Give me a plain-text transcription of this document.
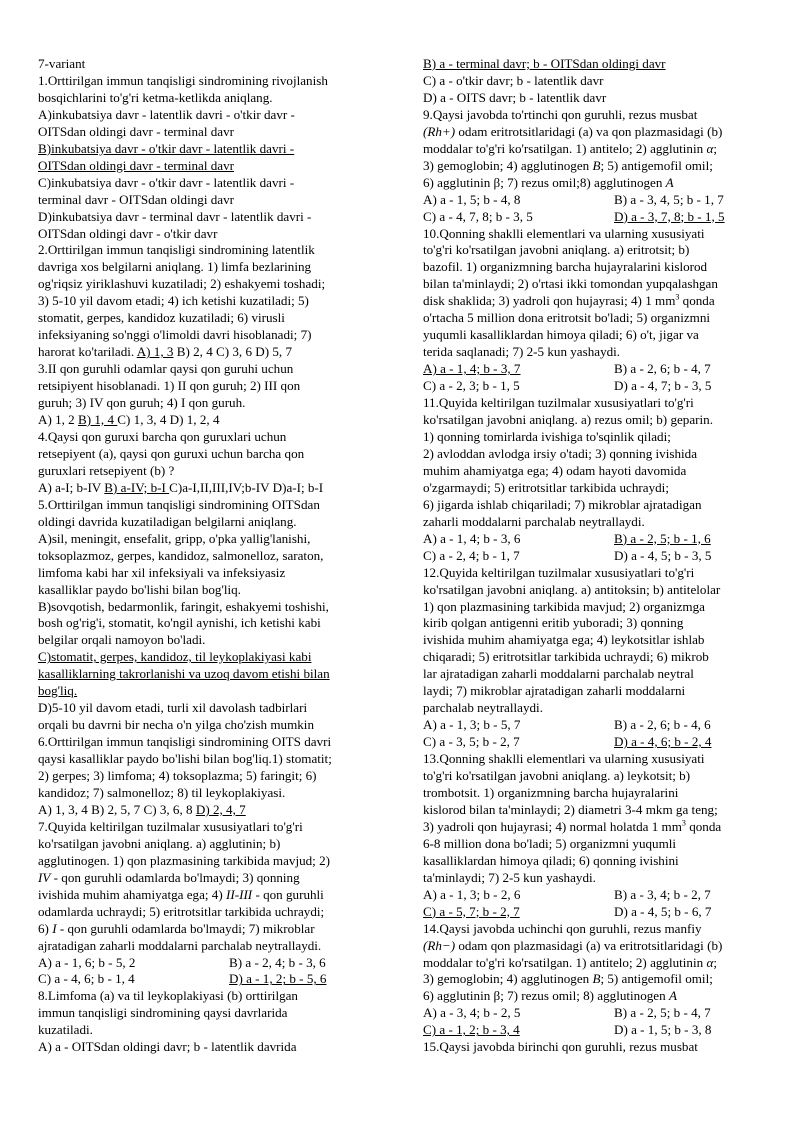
7-variant

1.Orttirilgan immun tanqisligi sindromining rivojlanish

bosqichlarini to'g'ri ketma-ketlikda aniqlang.

A)inkubatsiya davr - latentlik davri - o'tkir davr -

OITSdan oldingi davr - terminal davr

B)inkubatsiya davr - o'tkir davr - latentlik davri -

OITSdan oldingi davr - terminal davr

C)inkubatsiya davr - o'tkir davr - latentlik davri -

terminal davr - OITSdan oldingi davr

D)inkubatsiya davr - terminal davr - latentlik davri -

OITSdan oldingi davr - o'tkir davr

2.Orttirilgan immun tanqisligi sindromining latentlik

davriga xos belgilarni aniqlang. 1) limfa bezlarining

og'riqsiz yiriklashuvi kuzatiladi; 2) eshakyemi toshadi;

3) 5-10 yil davom etadi; 4) ich ketishi kuzatiladi; 5)

stomatit, gerpes, kandidoz kuzatiladi; 6) virusli

infeksiyaning so'nggi o'limoldi davri hisoblanadi; 7)

harorat ko'tariladi. A) 1, 3 B) 2, 4 C) 3, 6 D) 5, 7

3.II qon guruhli odamlar qaysi qon guruhi uchun

retsipiyent hisoblanadi. 1) II qon guruh; 2) III qon

guruh; 3) IV qon guruh; 4) I qon guruh.

A) 1, 2 B) 1, 4 C) 1, 3, 4 D) 1, 2, 4

4.Qaysi qon guruxi barcha qon guruxlari uchun

retsepiyent (a), qaysi qon guruxi uchun barcha qon

guruxlari retsepiyent (b) ?

A) a-I; b-IV B) a-IV; b-I C)a-I,II,III,IV;b-IV D)a-I; b-I

5.Orttirilgan immun tanqisligi sindromining OITSdan

oldingi davrida kuzatiladigan belgilarni aniqlang.

A)sil, meningit, ensefalit, gripp, o'pka yallig'lanishi,

toksoplazmoz, gerpes, kandidoz, salmonelloz, saraton,

limfoma kabi har xil infeksiyali va infeksiyasiz

kasalliklar paydo bo'lishi bilan bog'liq.

B)sovqotish, bedarmonlik, faringit, eshakyemi toshishi,

bosh og'rig'i, stomatit, ko'ngil aynishi, ich ketishi kabi

belgilar orqali namoyon bo'ladi.

C)stomatit, gerpes, kandidoz, til leykoplakiyasi kabi

kasalliklarning takrorlanishi va uzoq davom etishi bilan

bog'liq.

D)5-10 yil davom etadi, turli xil davolash tadbirlari

orqali bu davrni bir necha o'n yilga cho'zish mumkin

6.Orttirilgan immun tanqisligi sindromining OITS davri

qaysi kasalliklar paydo bo'lishi bilan bog'liq.1) stomatit;

2) gerpes; 3) limfoma; 4) toksoplazma; 5) faringit; 6)

kandidoz; 7) salmonelloz; 8) til leykoplakiyasi.

A) 1, 3, 4 B) 2, 5, 7 C) 3, 6, 8 D) 2, 4, 7

7.Quyida keltirilgan tuzilmalar xususiyatlari to'g'ri

ko'rsatilgan javobni aniqlang. a) agglutinin; b)

agglutinogen. 1) qon plazmasining tarkibida mavjud; 2)

IV - qon guruhli odamlarda bo'lmaydi; 3) qonning

ivishida muhim ahamiyatga ega; 4) II-III - qon guruhli

odamlarda uchraydi; 5) eritrotsitlar tarkibida uchraydi;

6) I - qon guruhli odamlarda bo'lmaydi; 7) mikroblar

ajratadigan zaharli moddalarni parchalab neytrallaydi.

A) a - 1, 6; b - 5, 2	B) a - 2, 4; b - 3, 6
C) a - 4, 6; b - 1, 4	D) a - 1, 2; b - 5, 6

8.Limfoma (a) va til leykoplakiyasi (b) orttirilgan

immun tanqisligi sindromining qaysi davrlarida

kuzatiladi.

A) a - OITSdan oldingi davr; b - latentlik davrida

B) a - terminal davr; b - OITSdan oldingi davr

C) a - o'tkir davr; b - latentlik davr

D) a - OITS davr; b - latentlik davr

9.Qaysi javobda to'rtinchi qon guruhli, rezus musbat

(Rh+) odam eritrotsitlaridagi (a) va qon plazmasidagi (b)

moddalar to'g'ri ko'rsatilgan. 1) antitelo; 2) agglutinin α;

3) gemoglobin; 4) agglutinogen B; 5) antigemofil omil;

6) agglutinin β; 7) rezus omil;8) agglutinogen A

A) a - 1, 5; b - 4, 8	B) a - 3, 4, 5; b - 1, 7
C) a - 4, 7, 8; b - 3, 5	D) a - 3, 7, 8; b - 1, 5

10.Qonning shaklli elementlari va ularning xususiyati

to'g'ri ko'rsatilgan javobni aniqlang. a) eritrotsit; b)

bazofil. 1) organizmning barcha hujayralarini kislorod

bilan ta'minlaydi; 2) o'rtasi ikki tomondan yupqalashgan

disk shaklida; 3) yadroli qon hujayrasi; 4) 1 $mm^3$ qonda

o'rtacha 5 million dona eritrotsit bo'ladi; 5) organizmni

yuqumli kasalliklardan himoya qiladi; 6) o't, jigar va

terida saqlanadi; 7) 2-5 kun yashaydi.

A) a - 1, 4; b - 3, 7	B) a - 2, 6; b - 4, 7
C) a - 2, 3; b - 1, 5	D) a - 4, 7; b - 3, 5

11.Quyida keltirilgan tuzilmalar xususiyatlari to'g'ri

ko'rsatilgan javobni aniqlang. a) rezus omil; b) geparin.

1) qonning tomirlarda ivishiga to'sqinlik qiladi;

2) avloddan avlodga irsiy o'tadi; 3) qonning ivishida

muhim ahamiyatga ega; 4) odam hayoti davomida

o'zgarmaydi; 5) eritrotsitlar tarkibida uchraydi;

6) jigarda ishlab chiqariladi; 7) mikroblar ajratadigan

zaharli moddalarni parchalab neytrallaydi.

A) a - 1, 4; b - 3, 6	B) a - 2, 5; b - 1, 6
C) a - 2, 4; b - 1, 7	D) a - 4, 5; b - 3, 5

12.Quyida keltirilgan tuzilmalar xususiyatlari to'g'ri

ko'rsatilgan javobni aniqlang. a) antitoksin; b) antitelolar

1) qon plazmasining tarkibida mavjud; 2) organizmga

kirib qolgan antigenni eritib yuboradi; 3) qonning

ivishida muhim ahamiyatga ega; 4) leykotsitlar ishlab

chiqaradi; 5) eritrotsitlar tarkibida uchraydi; 6) mikrob

lar ajratadigan zaharli moddalarni parchalab neytral

laydi; 7) mikroblar ajratadigan zaharli moddalarni

parchalab neytrallaydi.

A) a - 1, 3; b - 5, 7	B) a - 2, 6; b - 4, 6
C) a - 3, 5; b - 2, 7	D) a - 4, 6; b - 2, 4

13.Qonning shaklli elementlari va ularning xususiyati

to'g'ri ko'rsatilgan javobni aniqlang. a) leykotsit; b)

trombotsit. 1) organizmning barcha hujayralarini

kislorod bilan ta'minlaydi; 2) diametri 3-4 mkm ga teng;

3) yadroli qon hujayrasi; 4) normal holatda 1 $mm^3$ qonda

6-8 million dona bo'ladi; 5) organizmni yuqumli

kasalliklardan himoya qiladi; 6) qonning ivishini

ta'minlaydi; 7) 2-5 kun yashaydi.

A) a - 1, 3; b - 2, 6	B) a - 3, 4; b - 2, 7
C) a - 5, 7; b - 2, 7	D) a - 4, 5; b - 6, 7

14.Qaysi javobda uchinchi qon guruhli, rezus manfiy

(Rh−) odam qon plazmasidagi (a) va eritrotsitlaridagi (b)

moddalar to'g'ri ko'rsatilgan. 1) antitelo; 2) agglutinin α;

3) gemoglobin; 4) agglutinogen B; 5) antigemofil omil;

6) agglutinin β; 7) rezus omil; 8) agglutinogen A

A) a - 3, 4; b - 2, 5	B) a - 2, 5; b - 4, 7
C) a - 1, 2; b - 3, 4	D) a - 1, 5; b - 3, 8

15.Qaysi javobda birinchi qon guruhli, rezus musbat
